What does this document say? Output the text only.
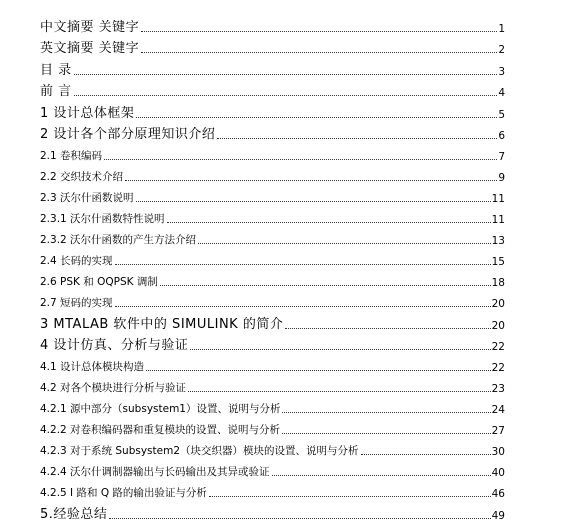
中文摘要 关键字	1
英文摘要 关键字	2
目 录	3
前 言	4
1 设计总体框架	5
2 设计各个部分原理知识介绍	6
2.1 卷积编码	7
2.2 交织技术介绍	9
2.3 沃尔什函数说明	11
2.3.1 沃尔什函数特性说明	11
2.3.2 沃尔什函数的产生方法介绍	13
2.4 长码的实现	15
2.6 PSK 和 OQPSK 调制	18
2.7 短码的实现	20
3 MTALAB 软件中的 SIMULINK 的简介	20
4 设计仿真、分析与验证	22
4.1 设计总体模块构造	22
4.2 对各个模块进行分析与验证	23
4.2.1 源中部分（subsystem1）设置、说明与分析	24
4.2.2 对卷积编码器和重复模块的设置、说明与分析	27
4.2.3 对于系统 Subsystem2（块交织器）模块的设置、说明与分析	30
4.2.4 沃尔什调制器输出与长码输出及其异或验证	40
4.2.5 I 路和 Q 路的输出验证与分析	46
5.经验总结	49
